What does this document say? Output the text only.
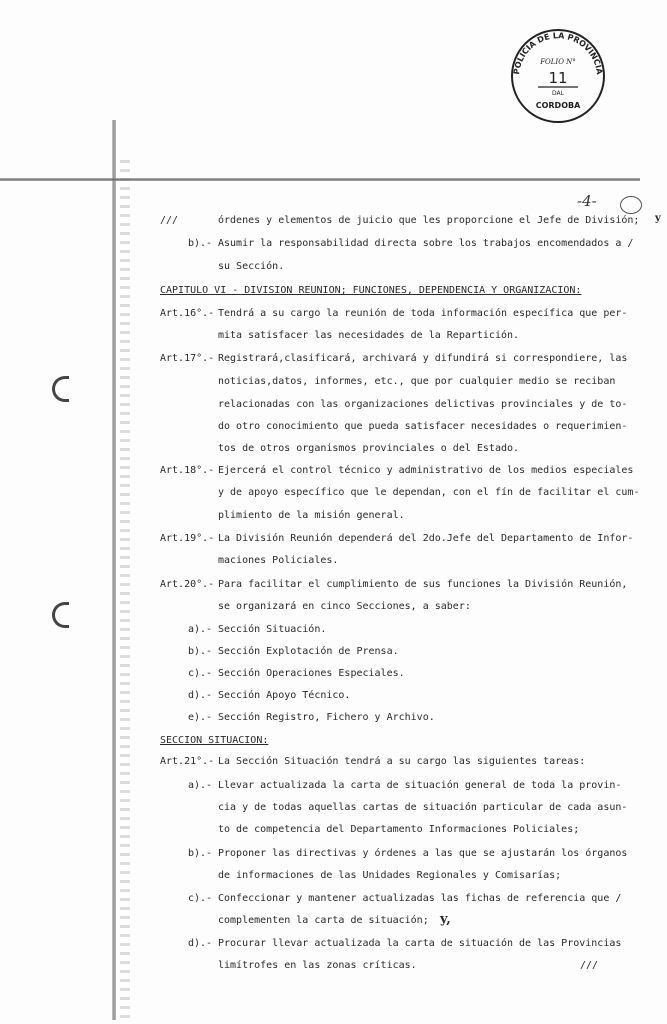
POLICIA DE LA PROVINCIA
FOLIO N°
11
DAL
CORDOBA
-4-
///	órdenes y elementos de juicio que les proporcione el Jefe de División;
b).- Asumir la responsabilidad directa sobre los trabajos encomendados a /
su Sección.
CAPITULO VI - DIVISION REUNION; FUNCIONES, DEPENDENCIA Y ORGANIZACION:
Art.16°.- Tendrá a su cargo la reunión de toda información específica que per-
mita satisfacer las necesidades de la Repartición.
Art.17°.- Registrará,clasificará, archivará y difundirá si correspondiere, las
noticias,datos, informes, etc., que por cualquier medio se reciban
relacionadas con las organizaciones delictivas provinciales y de to-
do otro conocimiento que pueda satisfacer necesidades o requerimien-
tos de otros organismos provinciales o del Estado.
Art.18°.- Ejercerá el control técnico y administrativo de los medios especiales
y de apoyo específico que le dependan, con el fín de facilitar el cum-
plimiento de la misión general.
Art.19°.- La División Reunión dependerá del 2do.Jefe del Departamento de Infor-
maciones Policiales.
Art.20°.- Para facilitar el cumplimiento de sus funciones la División Reunión,
se organizará en cinco Secciones, a saber:
a).- Sección Situación.
b).- Sección Explotación de Prensa.
c).- Sección Operaciones Especiales.
d).- Sección Apoyo Técnico.
e).- Sección Registro, Fichero y Archivo.
SECCION SITUACION:
Art.21°.- La Sección Situación tendrá a su cargo las siguientes tareas:
a).- Llevar actualizada la carta de situación general de toda la provin-
cia y de todas aquellas cartas de situación particular de cada asun-
to de competencia del Departamento Informaciones Policiales;
b).- Proponer las directivas y órdenes a las que se ajustarán los órganos
de informaciones de las Unidades Regionales y Comisarías;
c).- Confeccionar y mantener actualizadas las fichas de referencia que /
complementen la carta de situación;
d).- Procurar llevar actualizada la carta de situación de las Provincias
limítrofes en las zonas críticas.
y,
y
///
